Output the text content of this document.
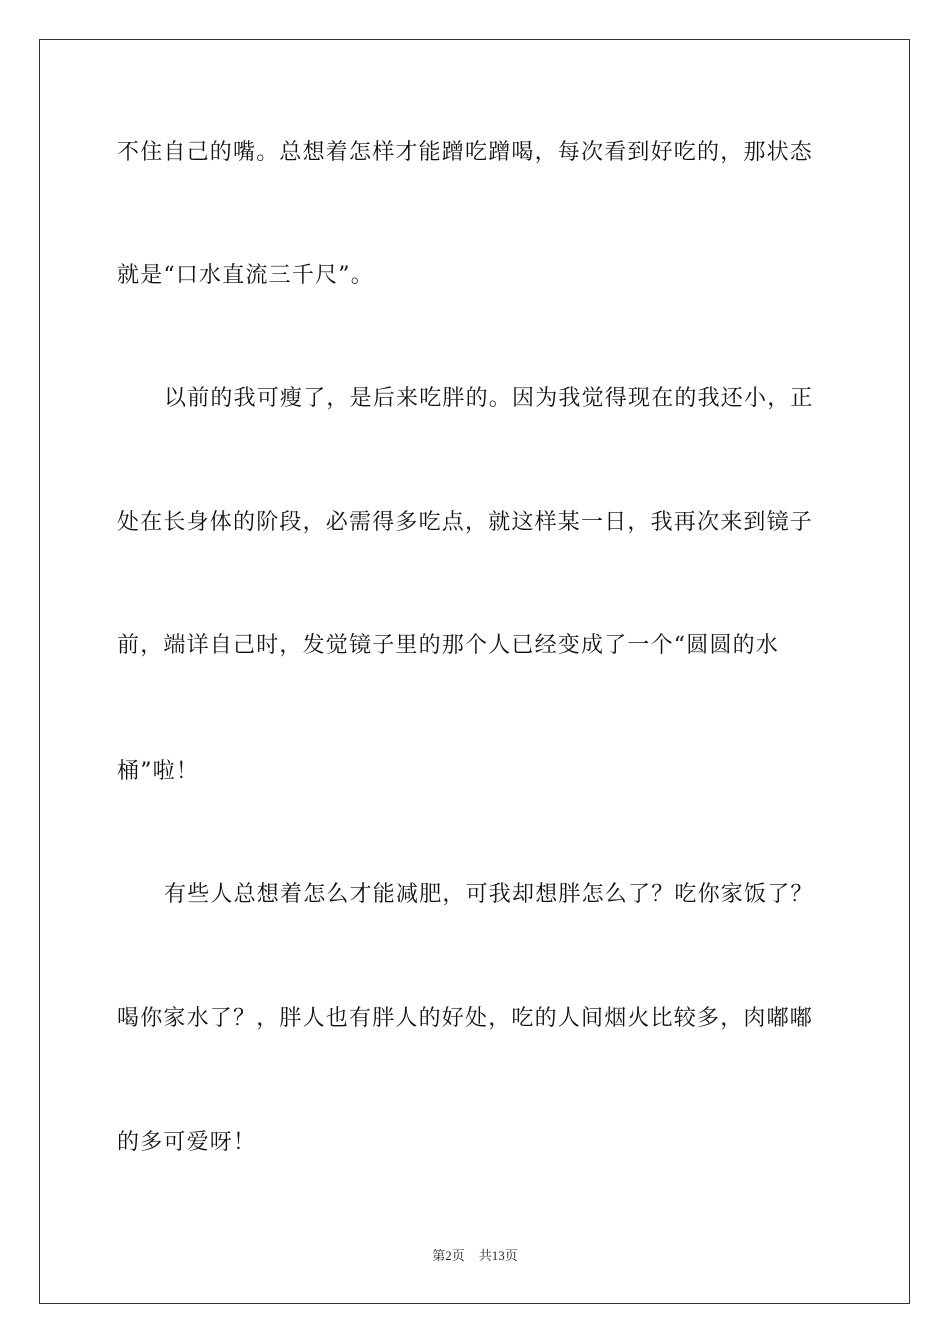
不住自己的嘴。总想着怎样才能蹭吃蹭喝，每次看到好吃的，那状态
就是“口水直流三千尺”。
以前的我可瘦了，是后来吃胖的。因为我觉得现在的我还小，正
处在长身体的阶段，必需得多吃点，就这样某一日，我再次来到镜子
前，端详自己时，发觉镜子里的那个人已经变成了一个“圆圆的水
桶”啦！
有些人总想着怎么才能减肥，可我却想胖怎么了？吃你家饭了？
喝你家水了？，胖人也有胖人的好处，吃的人间烟火比较多，肉嘟嘟
的多可爱呀！
第2页 共13页
